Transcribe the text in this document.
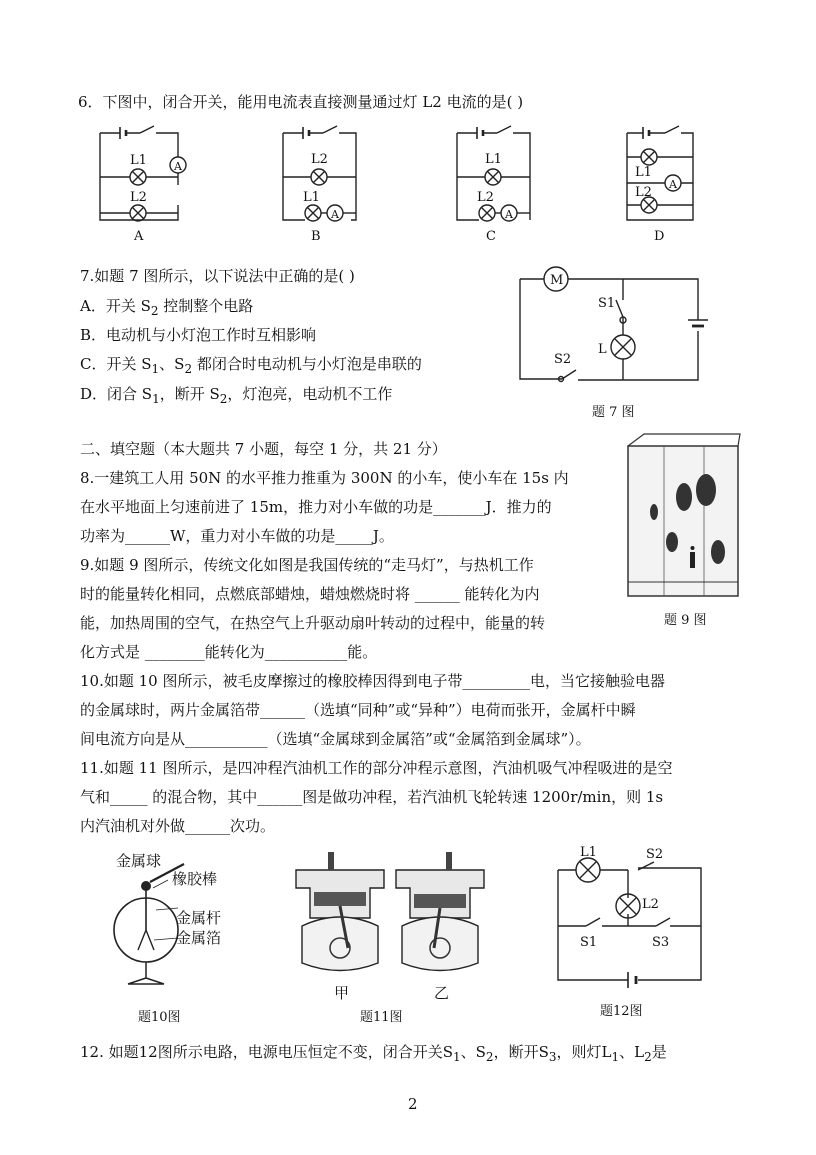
6．下图中，闭合开关，能用电流表直接测量通过灯 L2 电流的是( )
A
L1
L2
A
A
L2
L1
B
A
L1
L2
C
A
L1
L2
D
7.如题 7 图所示，以下说法中正确的是( )
A．开关 $S_2$ 控制整个电路
B．电动机与小灯泡工作时互相影响
C．开关 $S_1$、$S_2$ 都闭合时电动机与小灯泡是串联的
D．闭合 $S_1$，断开 $S_2$，灯泡亮，电动机不工作
M
S1
L
S2
题 7 图
二、填空题（本大题共 7 小题，每空 1 分，共 21 分）
8.一建筑工人用 50N 的水平推力推重为 300N 的小车，使小车在 15s 内
在水平地面上匀速前进了 15m，推力对小车做的功是_______J．推力的
功率为______W，重力对小车做的功是_____J。
9.如题 9 图所示，传统文化如图是我国传统的“走马灯”，与热机工作
时的能量转化相同，点燃底部蜡烛，蜡烛燃烧时将 ______ 能转化为内
能，加热周围的空气，在热空气上升驱动扇叶转动的过程中，能量的转
化方式是 ________能转化为___________能。
题 9 图
10.如题 10 图所示，被毛皮摩擦过的橡胶棒因得到电子带_________电，当它接触验电器
的金属球时，两片金属箔带______（选填“同种”或“异种”）电荷而张开，金属杆中瞬
间电流方向是从___________（选填“金属球到金属箔”或“金属箔到金属球”）。
11.如题 11 图所示，是四冲程汽油机工作的部分冲程示意图，汽油机吸气冲程吸进的是空
气和_____ 的混合物，其中______图是做功冲程，若汽油机飞轮转速 1200r/min，则 1s
内汽油机对外做______次功。
金属球
橡胶棒
金属杆
金属箔
题10图
甲	乙
题11图
L1	S2
L2
S1	S3
题12图
12. 如题12图所示电路，电源电压恒定不变，闭合开关$S_1$、$S_2$，断开$S_3$，则灯$L_1$、$L_2$是
2
